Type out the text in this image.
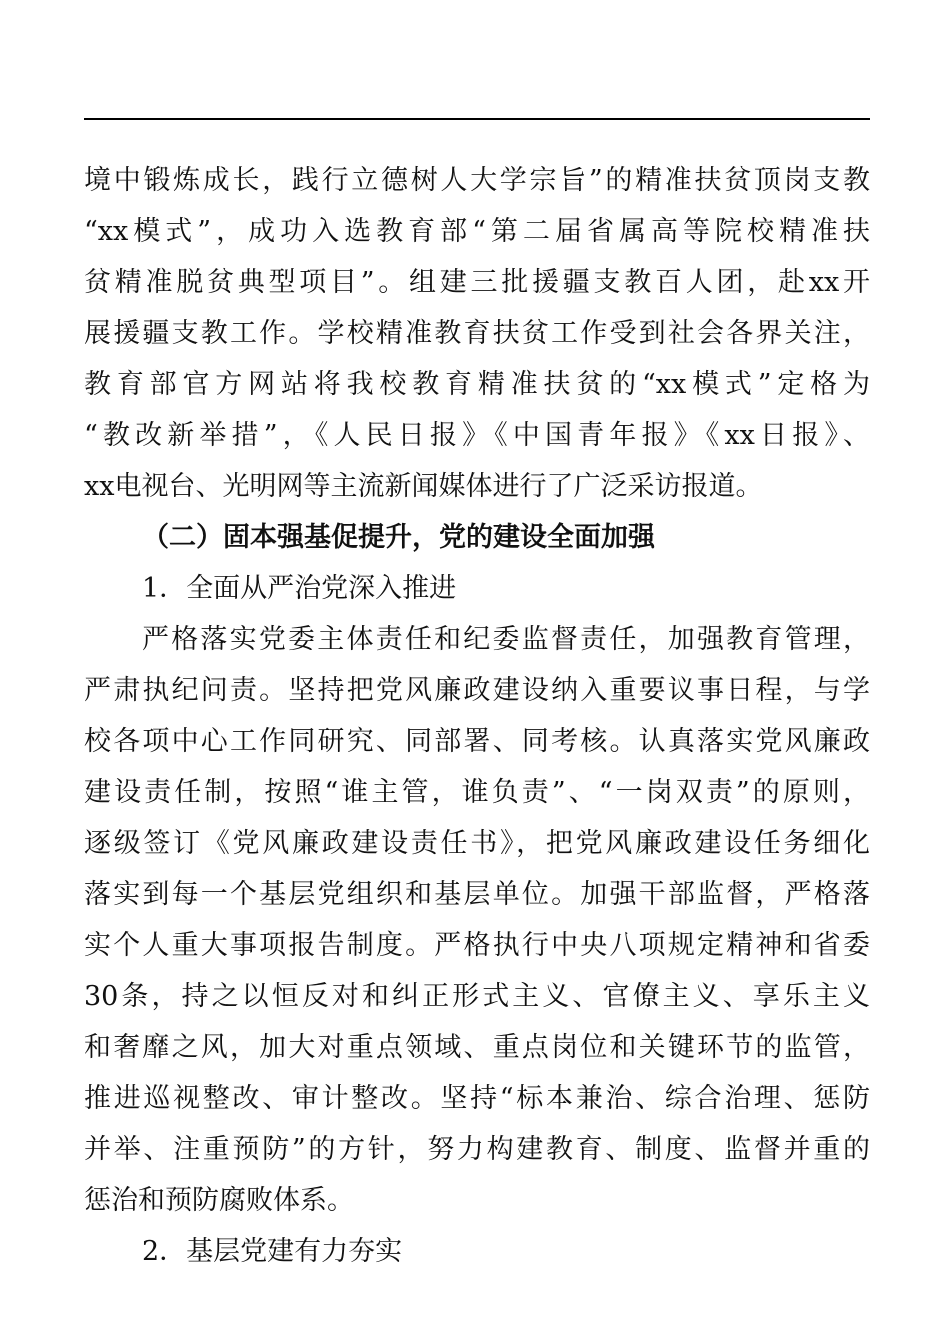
境中锻炼成长，践行立德树人大学宗旨”的精准扶贫顶岗支教
“xx模式”，成功入选教育部“第二届省属高等院校精准扶
贫精准脱贫典型项目”。组建三批援疆支教百人团，赴xx开
展援疆支教工作。学校精准教育扶贫工作受到社会各界关注，
教育部官方网站将我校教育精准扶贫的“xx模式”定格为
“教改新举措”，《人民日报》《中国青年报》《xx日报》、
xx电视台、光明网等主流新闻媒体进行了广泛采访报道。
（二）固本强基促提升，党的建设全面加强
1．全面从严治党深入推进
严格落实党委主体责任和纪委监督责任，加强教育管理，
严肃执纪问责。坚持把党风廉政建设纳入重要议事日程，与学
校各项中心工作同研究、同部署、同考核。认真落实党风廉政
建设责任制，按照“谁主管，谁负责”、“一岗双责”的原则，
逐级签订《党风廉政建设责任书》，把党风廉政建设任务细化
落实到每一个基层党组织和基层单位。加强干部监督，严格落
实个人重大事项报告制度。严格执行中央八项规定精神和省委
30条，持之以恒反对和纠正形式主义、官僚主义、享乐主义
和奢靡之风，加大对重点领域、重点岗位和关键环节的监管，
推进巡视整改、审计整改。坚持“标本兼治、综合治理、惩防
并举、注重预防”的方针，努力构建教育、制度、监督并重的
惩治和预防腐败体系。
2．基层党建有力夯实
